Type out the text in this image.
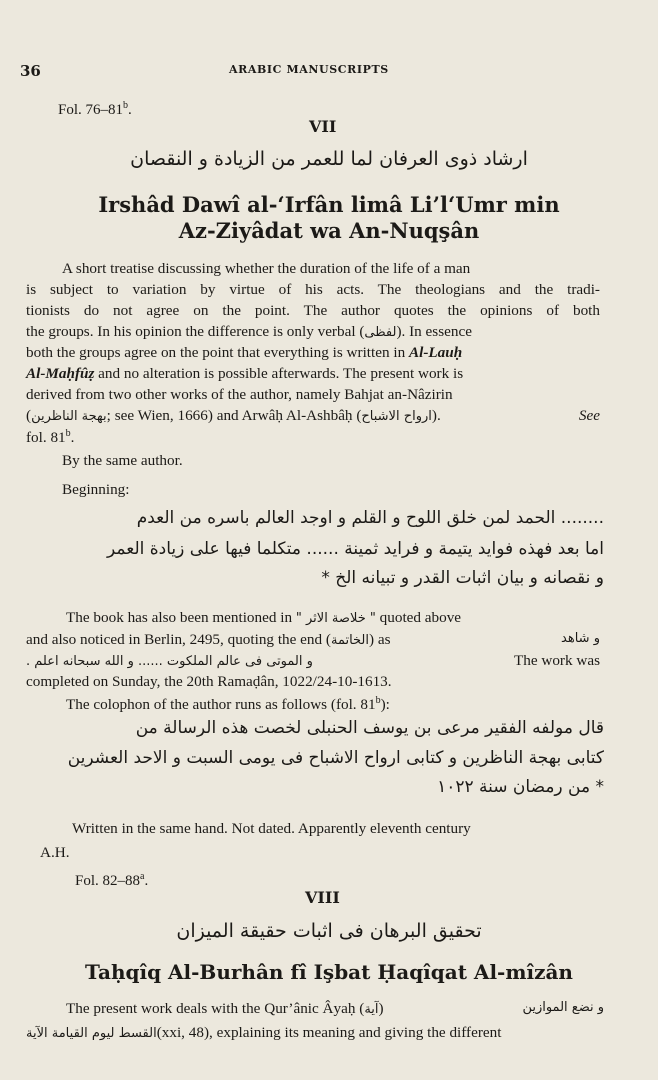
36	ARABIC MANUSCRIPTS
Fol. 76–81$^b$.
VII
ارشاد ذوی العرفان لما للعمر من الزیادة و النقصان
Irshâd Dawî al-‘Irfân limâ Li’l‘Umr min
Az-Ziyâdat wa An-Nuqşân
A short treatise discussing whether the duration of the life of a man
is subject to variation by virtue of his acts. The theologians and the tradi-
tionists do not agree on the point. The author quotes the opinions of both
the groups. In his opinion the difference is only verbal (لفظی). In essence
both the groups agree on the point that everything is written in Al-Lauḥ
Al-Maḥfûẓ and no alteration is possible afterwards. The present work is
derived from two other works of the author, namely Bahjat an-Nâzirin
(بهجة الناظرین; see Wien, 1666) and Arwâḥ Al-Ashbâḥ (ارواح الاشباح).	See
fol. 81$^b$.
By the same author.
Beginning:
........ الحمد لمن خلق اللوح و القلم و اوجد العالم باسره من العدم
اما بعد فهذه فوايد يتيمة و فرايد ثمينة ...... متكلما فيها على زيادة العمر
و نقصانه و بيان اثبات القدر و تبيانه الخ *
The book has also been mentioned in " خلاصة الاثر " quoted above
and also noticed in Berlin, 2495, quoting the end (الخاتمة) as	و شاهد
و الموتى فى عالم الملكوت ...... و الله سبحانه اعلم .	The work was
completed on Sunday, the 20th Ramaḍân, 1022/24-10-1613.
The colophon of the author runs as follows (fol. 81$^b$):
قال مولفه الفقير مرعی بن یوسف الحنبلی لخصت هذه الرسالة من
كتابی بهجة الناظرین و كتابی ارواح الاشباح فی یومی السبت و الاحد العشرین
* من رمضان سنة ١٠٢٢
Written in the same hand. Not dated. Apparently eleventh century
A.H.
Fol. 82–88$^a$.
VIII
تحقیق البرهان فی اثبات حقیقة المیزان
Taḥqîq Al-Burhân fî Işbat Ḥaqîqat Al-mîzân
The present work deals with the Qur’ânic Âyaḥ (آیة)	و نضع الموازین
القسط لیوم القیامة الآیة(xxi, 48), explaining its meaning and giving the different
